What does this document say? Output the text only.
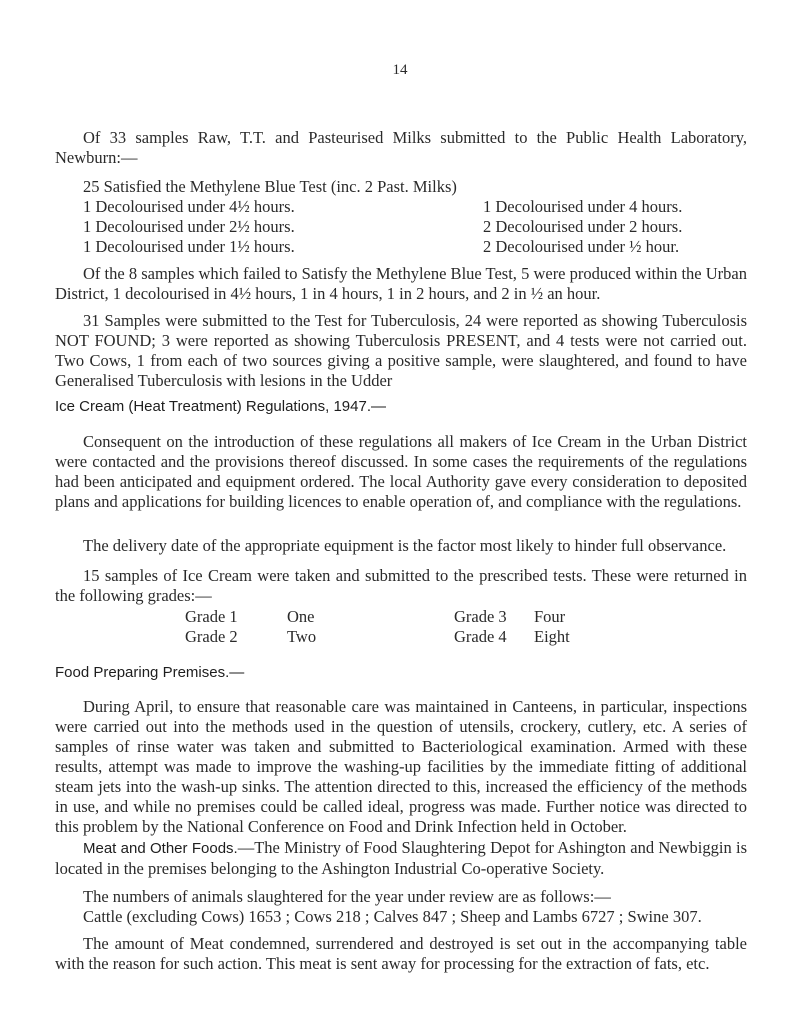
14
Of 33 samples Raw, T.T. and Pasteurised Milks submitted to the Public Health Laboratory, Newburn:—
25 Satisfied the Methylene Blue Test (inc. 2 Past. Milks)
1 Decolourised under 4½ hours.	1 Decolourised under 4 hours.
1 Decolourised under 2½ hours.	2 Decolourised under 2 hours.
1 Decolourised under 1½ hours.	2 Decolourised under ½ hour.
Of the 8 samples which failed to Satisfy the Methylene Blue Test, 5 were produced within the Urban District, 1 decolourised in 4½ hours, 1 in 4 hours, 1 in 2 hours, and 2 in ½ an hour.
31 Samples were submitted to the Test for Tuberculosis, 24 were reported as showing Tuberculosis NOT FOUND; 3 were reported as showing Tuberculosis PRESENT, and 4 tests were not carried out. Two Cows, 1 from each of two sources giving a positive sample, were slaughtered, and found to have Generalised Tuberculosis with lesions in the Udder
Ice Cream (Heat Treatment) Regulations, 1947.—
Consequent on the introduction of these regulations all makers of Ice Cream in the Urban District were contacted and the provisions thereof discussed. In some cases the requirements of the regulations had been anticipated and equipment ordered. The local Authority gave every consideration to deposited plans and applications for building licences to enable operation of, and compliance with the regulations.
The delivery date of the appropriate equipment is the factor most likely to hinder full observance.
15 samples of Ice Cream were taken and submitted to the prescribed tests. These were returned in the following grades:—
Grade 1	One	Grade 3 Four
Grade 2	Two	Grade 4 Eight
Food Preparing Premises.—
During April, to ensure that reasonable care was maintained in Canteens, in particular, inspections were carried out into the methods used in the question of utensils, crockery, cutlery, etc. A series of samples of rinse water was taken and submitted to Bacteriological examination. Armed with these results, attempt was made to improve the washing-up facilities by the immediate fitting of additional steam jets into the wash-up sinks. The attention directed to this, increased the efficiency of the methods in use, and while no premises could be called ideal, progress was made. Further notice was directed to this problem by the National Conference on Food and Drink Infection held in October.
Meat and Other Foods.—The Ministry of Food Slaughtering Depot for Ashington and Newbiggin is located in the premises belonging to the Ashington Industrial Co-operative Society.
The numbers of animals slaughtered for the year under review are as follows:—
Cattle (excluding Cows) 1653 ; Cows 218 ; Calves 847 ; Sheep and Lambs 6727 ; Swine 307.
The amount of Meat condemned, surrendered and destroyed is set out in the accompanying table with the reason for such action. This meat is sent away for processing for the extraction of fats, etc.
